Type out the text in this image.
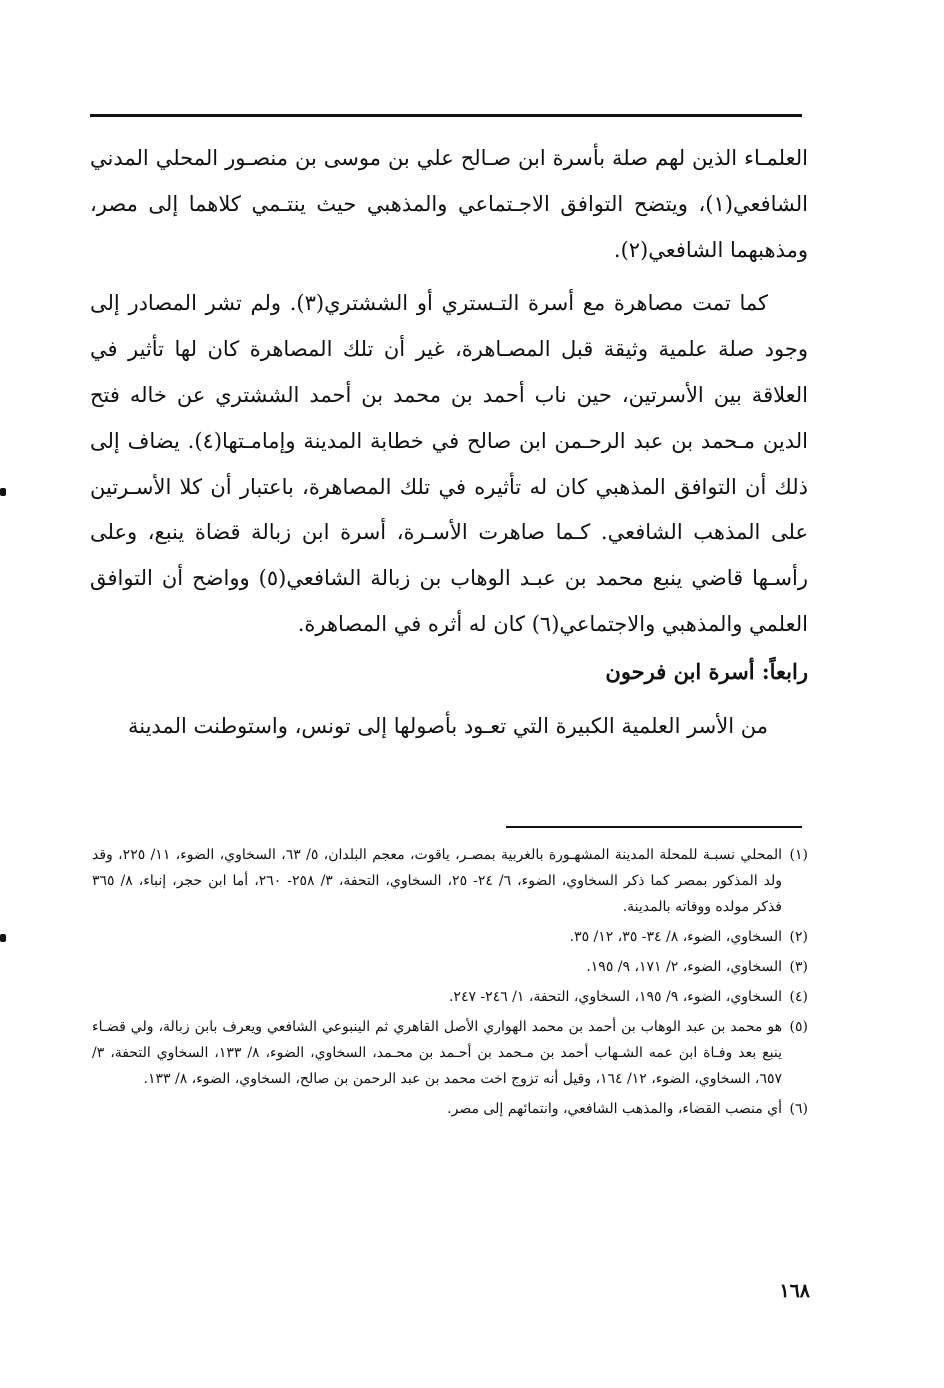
العلمـاء الذين لهم صلة بأسرة ابن صـالح علي بن موسى بن منصـور المحلي المدني الشافعي(١)، ويتضح التوافق الاجـتماعي والمذهبي حيث ينتـمي كلاهما إلى مصر، ومذهبهما الشافعي(٢).

كما تمت مصاهرة مع أسرة التـستري أو الششتري(٣). ولم تشر المصادر إلى وجود صلة علمية وثيقة قبل المصـاهرة، غير أن تلك المصاهرة كان لها تأثير في العلاقة بين الأسرتين، حين ناب أحمد بن محمد بن أحمد الششتري عن خاله فتح الدين مـحمد بن عبد الرحـمن ابن صالح في خطابة المدينة وإمامـتها(٤). يضاف إلى ذلك أن التوافق المذهبي كان له تأثيره في تلك المصاهرة، باعتبار أن كلا الأسـرتين على المذهب الشافعي. كـما صاهرت الأسـرة، أسرة ابن زبالة قضاة ينبع، وعلى رأسـها قاضي ينبع محمد بن عبـد الوهاب بن زبالة الشافعي(٥) وواضح أن التوافق العلمي والمذهبي والاجتماعي(٦) كان له أثره في المصاهرة.

رابعاً: أسرة ابن فرحون

من الأسر العلمية الكبيرة التي تعـود بأصولها إلى تونس، واستوطنت المدينة

(١)
المحلي نسبـة للمحلة المدينة المشهـورة بالغربية بمصـر، ياقوت، معجم البلدان، ٥/ ٦٣، السخاوي، الضوء، ١١/ ٢٢٥، وقد ولد المذكور بمصر كما ذكر السخاوي، الضوء، ٦/ ٢٤- ٢٥، السخاوي، التحفة، ٣/ ٢٥٨- ٢٦٠، أما ابن حجر، إنباء، ٨/ ٣٦٥ فذكر مولده ووفاته بالمدينة.
(٢)
السخاوي، الضوء، ٨/ ٣٤- ٣٥، ١٢/ ٣٥.
(٣)
السخاوي، الضوء، ٢/ ١٧١، ٩/ ١٩٥.
(٤)
السخاوي، الضوء، ٩/ ١٩٥، السخاوي، التحفة، ١/ ٢٤٦- ٢٤٧.
(٥)
هو محمد بن عبد الوهاب بن أحمد بن محمد الهواري الأصل القاهري ثم الينبوعي الشافعي ويعرف بابن زبالة، ولي قضـاء ينبع بعد وفـاة ابن عمه الشـهاب أحمد بن مـحمد بن أحـمد بن محـمد، السخاوي، الضوء، ٨/ ١٣٣، السخاوي التحفة، ٣/ ٦٥٧، السخاوي، الضوء، ١٢/ ١٦٤، وقيل أنه تزوج اخت محمد بن عبد الرحمن بن صالح، السخاوي، الضوء، ٨/ ١٣٣.
(٦)
أي منصب القضاء، والمذهب الشافعي، وانتمائهم إلى مصر.
١٦٨
